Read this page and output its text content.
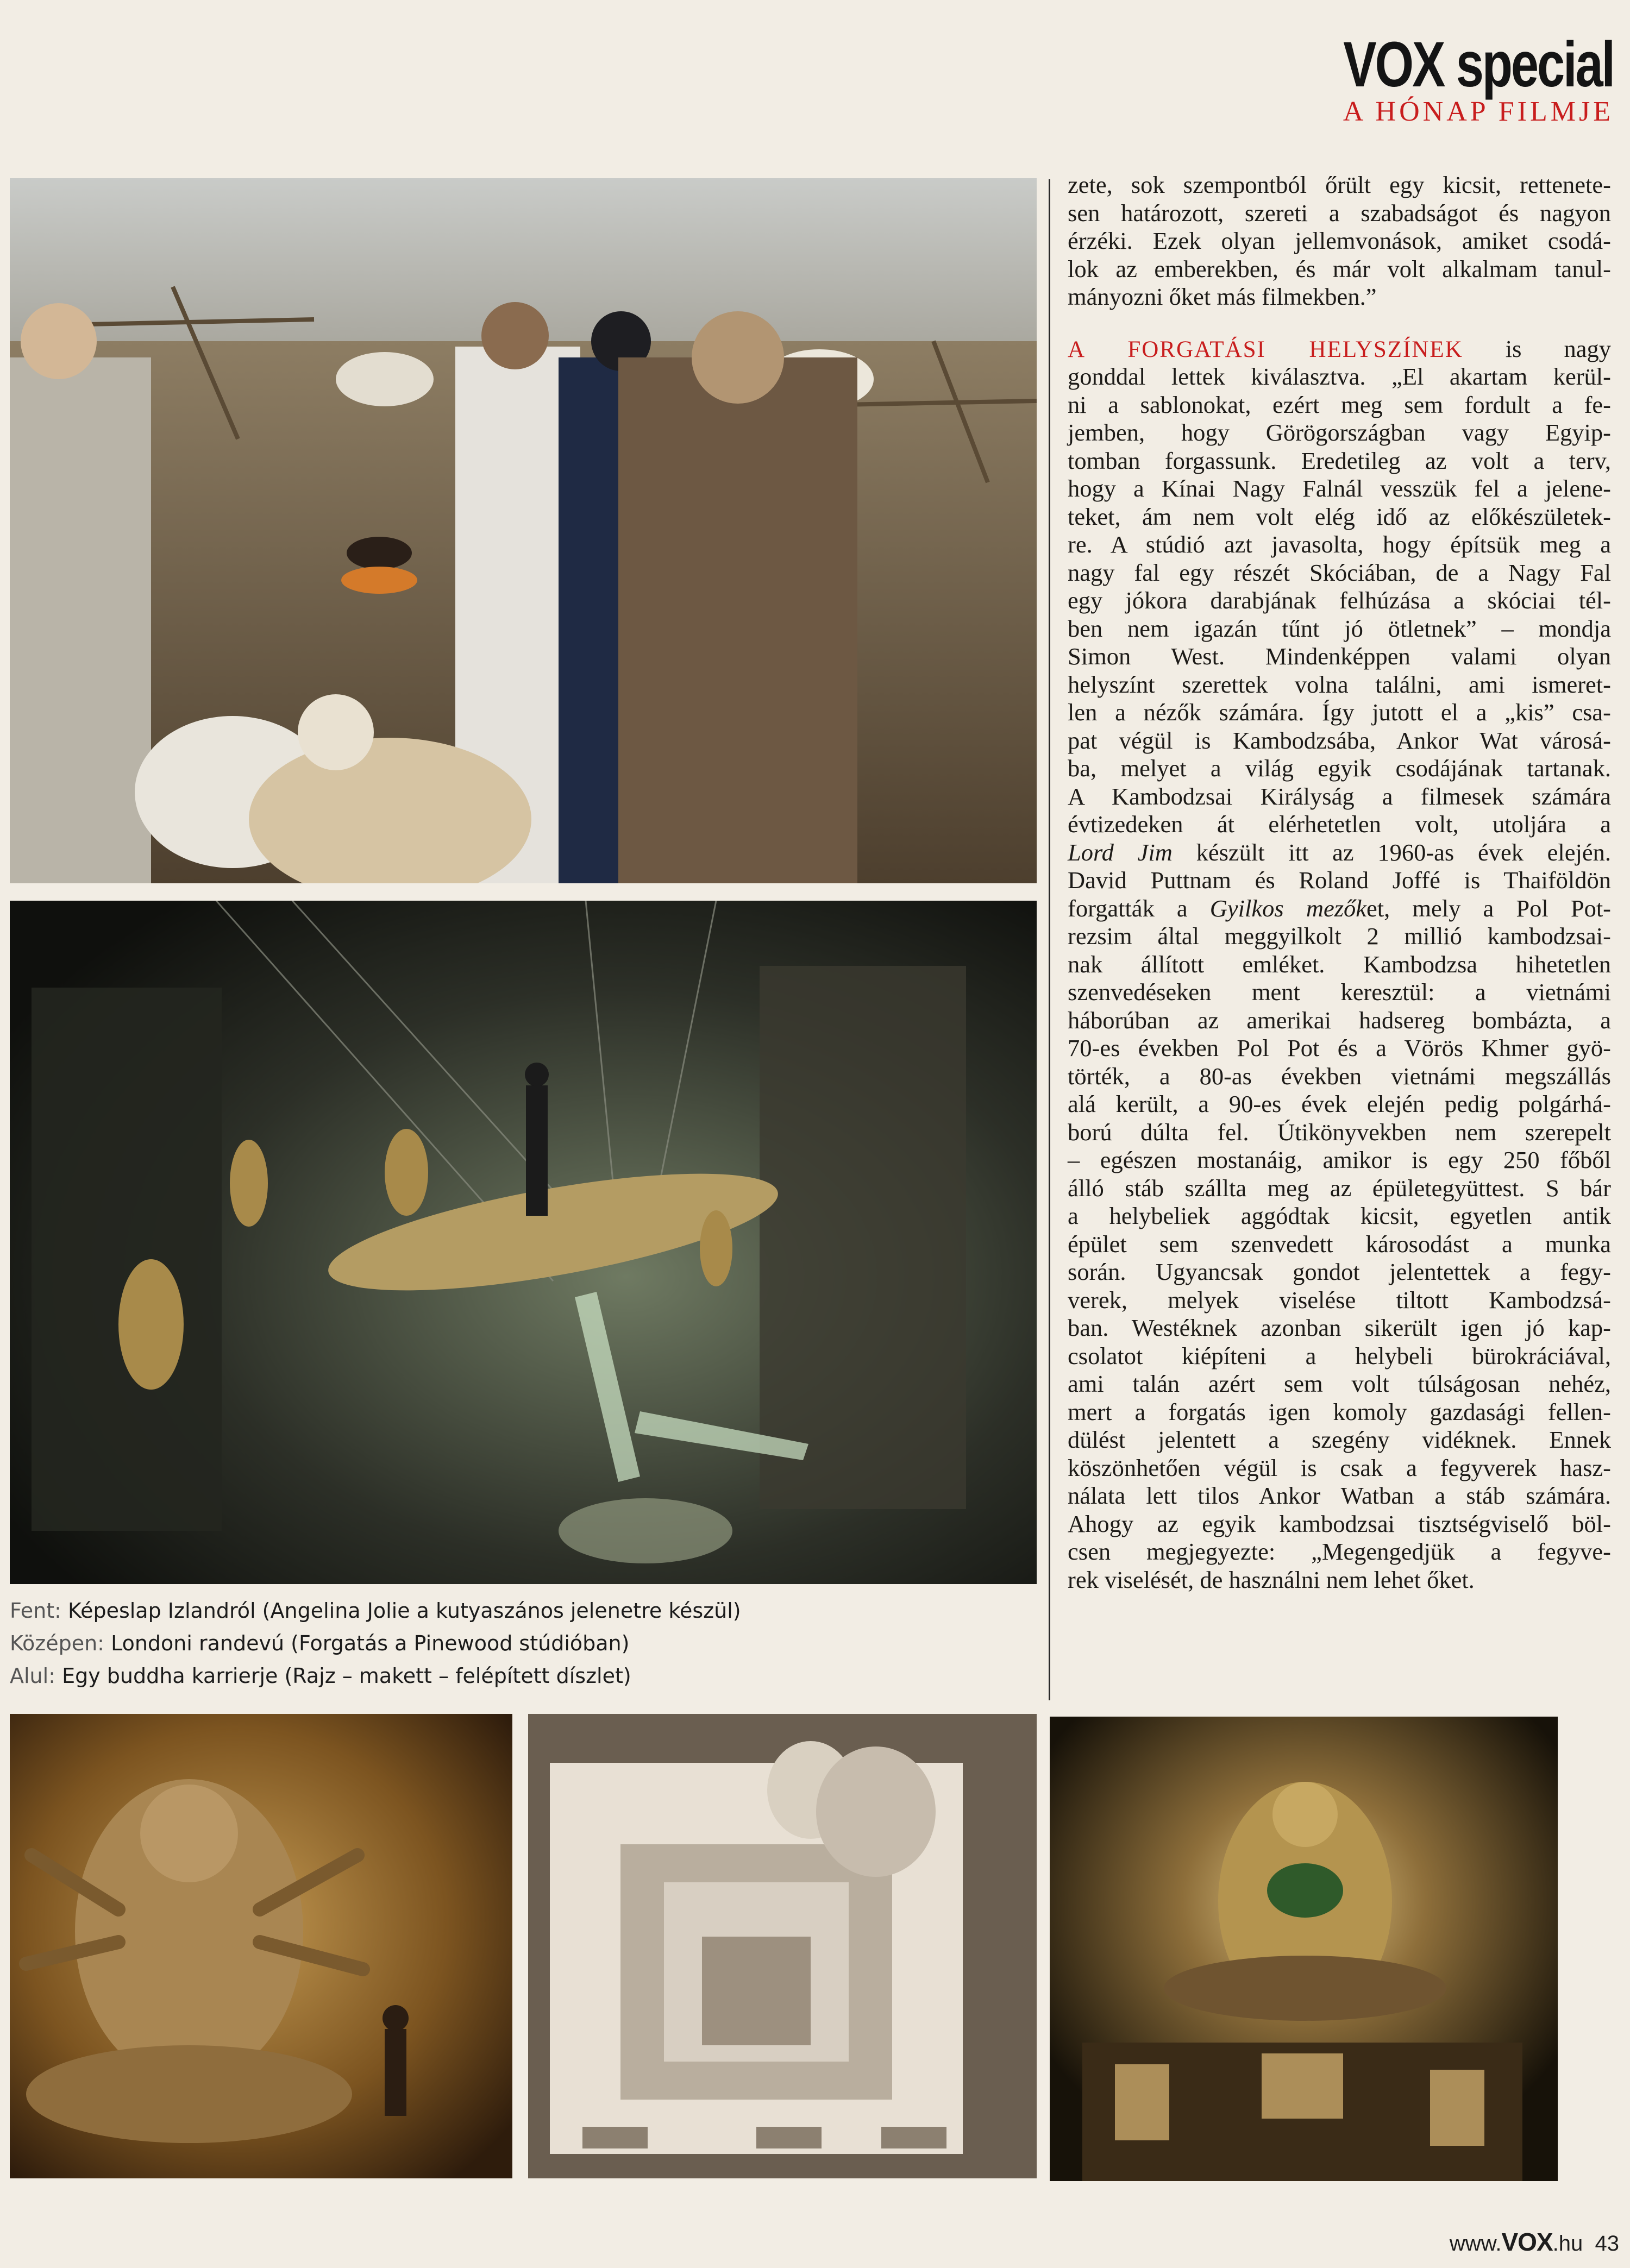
VOX special
A HÓNAP FILMJE
Fent: Képeslap Izlandról (Angelina Jolie a kutyaszános jelenetre készül)
Középen: Londoni randevú (Forgatás a Pinewood stúdióban)
Alul: Egy buddha karrierje (Rajz – makett – felépített díszlet)
zete, sok szempontból őrült egy kicsit, rettenete-
sen határozott, szereti a szabadságot és nagyon
érzéki. Ezek olyan jellemvonások, amiket csodá-
lok az emberekben, és már volt alkalmam tanul-
mányozni őket más filmekben.”
A FORGATÁSI HELYSZÍNEK is nagy
gonddal lettek kiválasztva. „El akartam kerül-
ni a sablonokat, ezért meg sem fordult a fe-
jemben, hogy Görögországban vagy Egyip-
tomban forgassunk. Eredetileg az volt a terv,
hogy a Kínai Nagy Falnál vesszük fel a jelene-
teket, ám nem volt elég idő az előkészületek-
re. A stúdió azt javasolta, hogy építsük meg a
nagy fal egy részét Skóciában, de a Nagy Fal
egy jókora darabjának felhúzása a skóciai tél-
ben nem igazán tűnt jó ötletnek” – mondja
Simon West. Mindenképpen valami olyan
helyszínt szerettek volna találni, ami ismeret-
len a nézők számára. Így jutott el a „kis” csa-
pat végül is Kambodzsába, Ankor Wat városá-
ba, melyet a világ egyik csodájának tartanak.
A Kambodzsai Királyság a filmesek számára
évtizedeken át elérhetetlen volt, utoljára a
Lord Jim készült itt az 1960-as évek elején.
David Puttnam és Roland Joffé is Thaiföldön
forgatták a Gyilkos mezőket, mely a Pol Pot-
rezsim által meggyilkolt 2 millió kambodzsai-
nak állított emléket. Kambodzsa hihetetlen
szenvedéseken ment keresztül: a vietnámi
háborúban az amerikai hadsereg bombázta, a
70-es években Pol Pot és a Vörös Khmer gyö-
törték, a 80-as években vietnámi megszállás
alá került, a 90-es évek elején pedig polgárhá-
ború dúlta fel. Útikönyvekben nem szerepelt
– egészen mostanáig, amikor is egy 250 főből
álló stáb szállta meg az épületegyüttest. S bár
a helybeliek aggódtak kicsit, egyetlen antik
épület sem szenvedett károsodást a munka
során. Ugyancsak gondot jelentettek a fegy-
verek, melyek viselése tiltott Kambodzsá-
ban. Westéknek azonban sikerült igen jó kap-
csolatot kiépíteni a helybeli bürokráciával,
ami talán azért sem volt túlságosan nehéz,
mert a forgatás igen komoly gazdasági fellen-
dülést jelentett a szegény vidéknek. Ennek
köszönhetően végül is csak a fegyverek hasz-
nálata lett tilos Ankor Watban a stáb számára.
Ahogy az egyik kambodzsai tisztségviselő böl-
csen megjegyezte: „Megengedjük a fegyve-
rek viselését, de használni nem lehet őket.
www.VOX.hu 43
